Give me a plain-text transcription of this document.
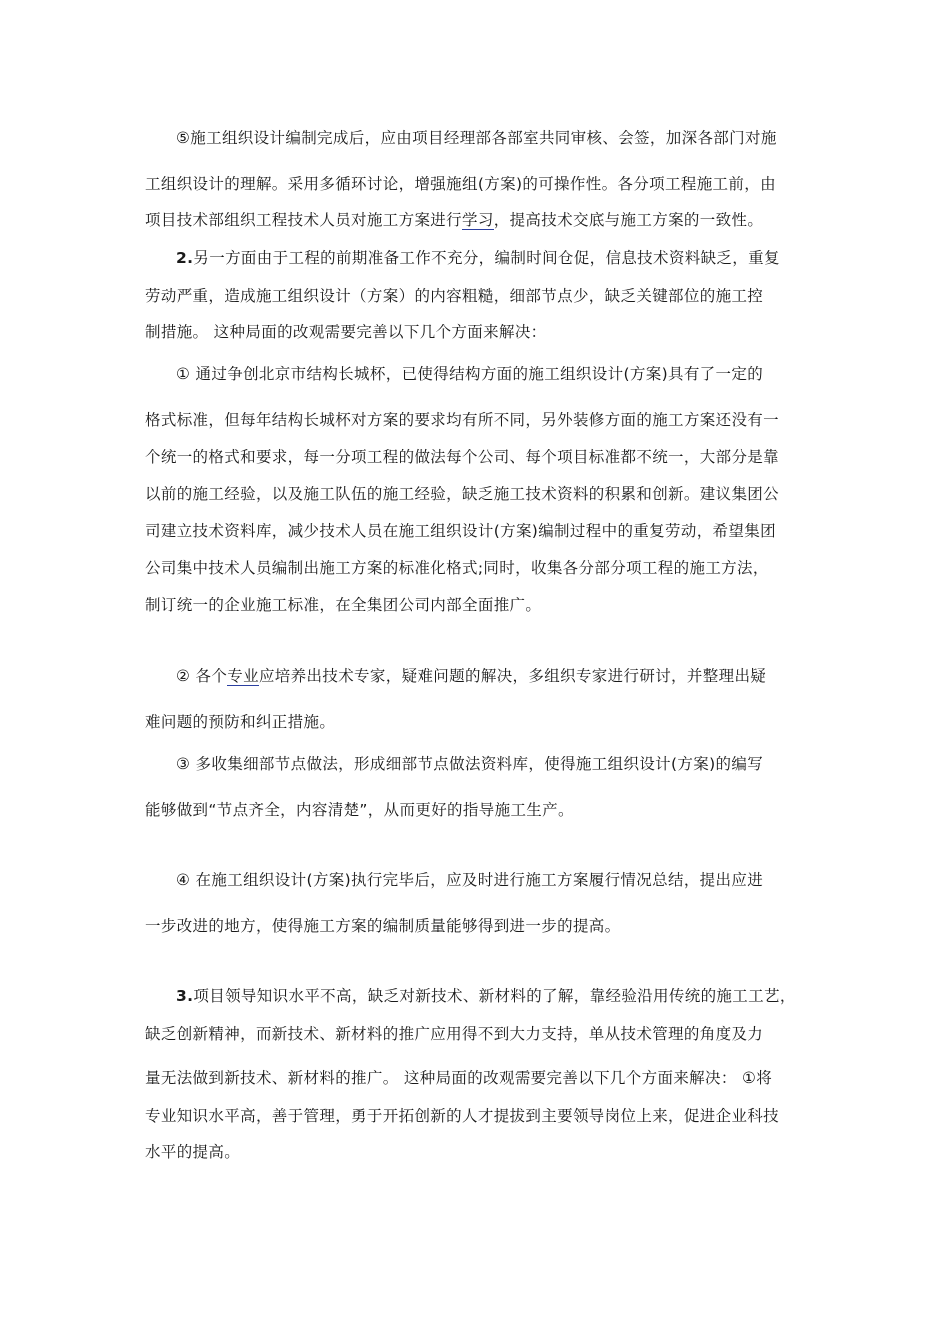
⑤施工组织设计编制完成后，应由项目经理部各部室共同审核、会签，加深各部门对施
工组织设计的理解。采用多循环讨论，增强施组(方案)的可操作性。各分项工程施工前，由
项目技术部组织工程技术人员对施工方案进行学习，提高技术交底与施工方案的一致性。
2.另一方面由于工程的前期准备工作不充分，编制时间仓促，信息技术资料缺乏，重复
劳动严重，造成施工组织设计（方案）的内容粗糙，细部节点少，缺乏关键部位的施工控
制措施。 这种局面的改观需要完善以下几个方面来解决：
① 通过争创北京市结构长城杯，已使得结构方面的施工组织设计(方案)具有了一定的
格式标准，但每年结构长城杯对方案的要求均有所不同，另外装修方面的施工方案还没有一
个统一的格式和要求，每一分项工程的做法每个公司、每个项目标准都不统一，大部分是靠
以前的施工经验，以及施工队伍的施工经验，缺乏施工技术资料的积累和创新。建议集团公
司建立技术资料库，减少技术人员在施工组织设计(方案)编制过程中的重复劳动，希望集团
公司集中技术人员编制出施工方案的标准化格式;同时，收集各分部分项工程的施工方法，
制订统一的企业施工标准，在全集团公司内部全面推广。
② 各个专业应培养出技术专家，疑难问题的解决，多组织专家进行研讨，并整理出疑
难问题的预防和纠正措施。
③ 多收集细部节点做法，形成细部节点做法资料库，使得施工组织设计(方案)的编写
能够做到“节点齐全，内容清楚”，从而更好的指导施工生产。
④ 在施工组织设计(方案)执行完毕后，应及时进行施工方案履行情况总结，提出应进
一步改进的地方，使得施工方案的编制质量能够得到进一步的提高。
3.项目领导知识水平不高，缺乏对新技术、新材料的了解，靠经验沿用传统的施工工艺，
缺乏创新精神，而新技术、新材料的推广应用得不到大力支持，单从技术管理的角度及力
量无法做到新技术、新材料的推广。 这种局面的改观需要完善以下几个方面来解决： ①将
专业知识水平高，善于管理，勇于开拓创新的人才提拔到主要领导岗位上来，促进企业科技
水平的提高。
